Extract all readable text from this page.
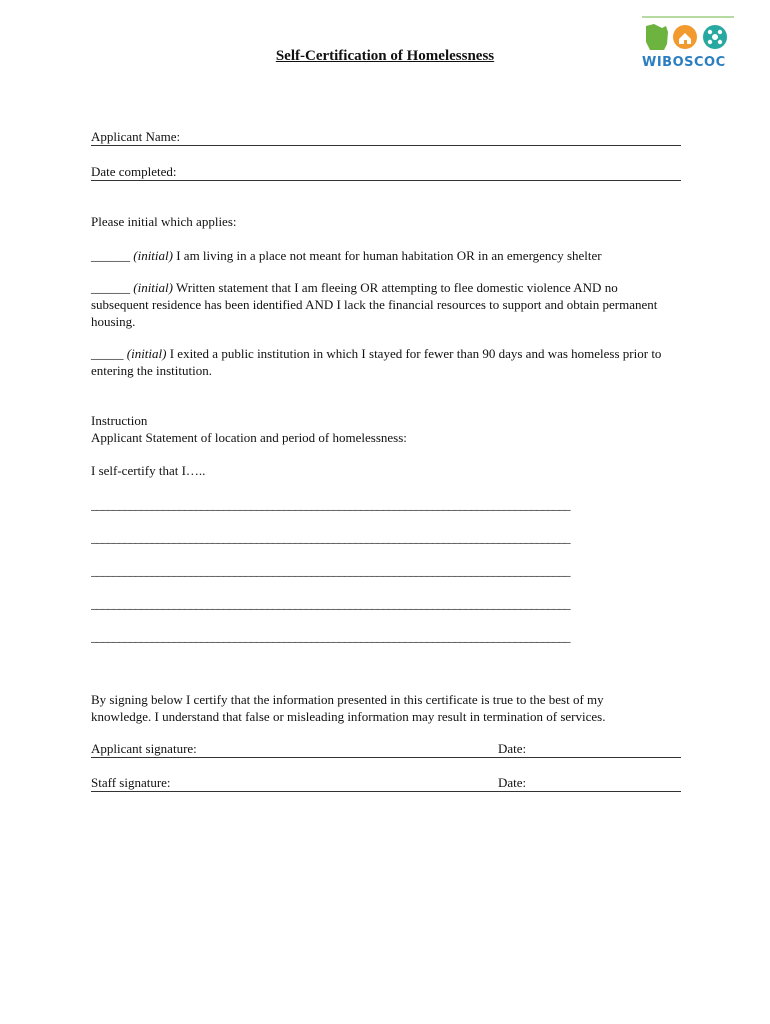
WIBOSCOC
Self-Certification of Homelessness
Applicant Name:
Date completed:
Please initial which applies:
______ (initial) I am living in a place not meant for human habitation OR in an emergency shelter
______ (initial) Written statement that I am fleeing OR attempting to flee domestic violence AND no subsequent residence has been identified AND I lack the financial resources to support and obtain permanent housing.
_____ (initial) I exited a public institution in which I stayed for fewer than 90 days and was homeless prior to entering the institution.
Instruction
Applicant Statement of location and period of homelessness:
I self-certify that I…..
_______________________________________________________________________________________
_______________________________________________________________________________________
_______________________________________________________________________________________
_______________________________________________________________________________________
_______________________________________________________________________________________
By signing below I certify that the information presented in this certificate is true to the best of my knowledge. I understand that false or misleading information may result in termination of services.
Applicant signature:	Date:
Staff signature:	Date:
